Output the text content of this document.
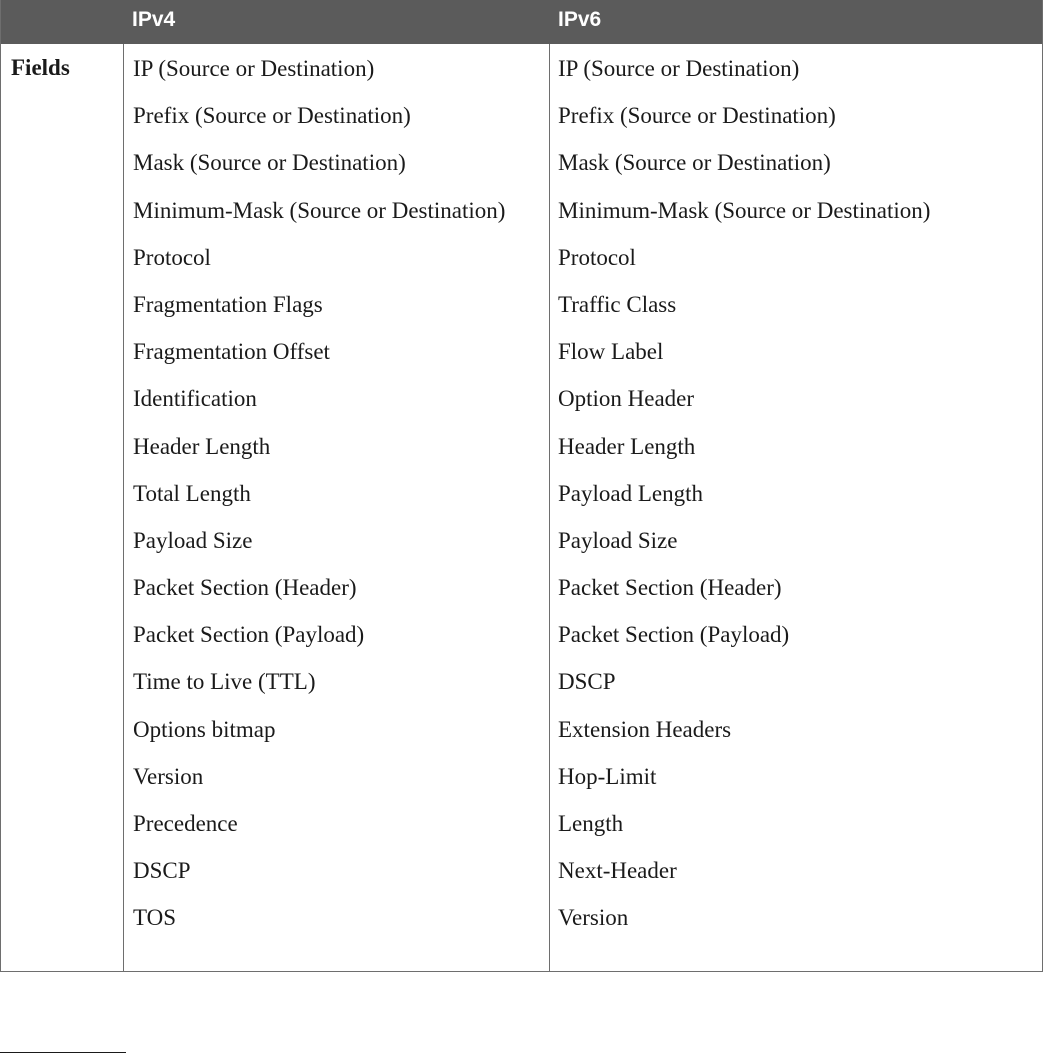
IPv4	IPv6
Fields	IP (Source or Destination)
Prefix (Source or Destination)
Mask (Source or Destination)
Minimum-Mask (Source or Destination)
Protocol
Fragmentation Flags
Fragmentation Offset
Identification
Header Length
Total Length
Payload Size
Packet Section (Header)
Packet Section (Payload)
Time to Live (TTL)
Options bitmap
Version
Precedence
DSCP
TOS
IP (Source or Destination)
Prefix (Source or Destination)
Mask (Source or Destination)
Minimum-Mask (Source or Destination)
Protocol
Traffic Class
Flow Label
Option Header
Header Length
Payload Length
Payload Size
Packet Section (Header)
Packet Section (Payload)
DSCP
Extension Headers
Hop-Limit
Length
Next-Header
Version
